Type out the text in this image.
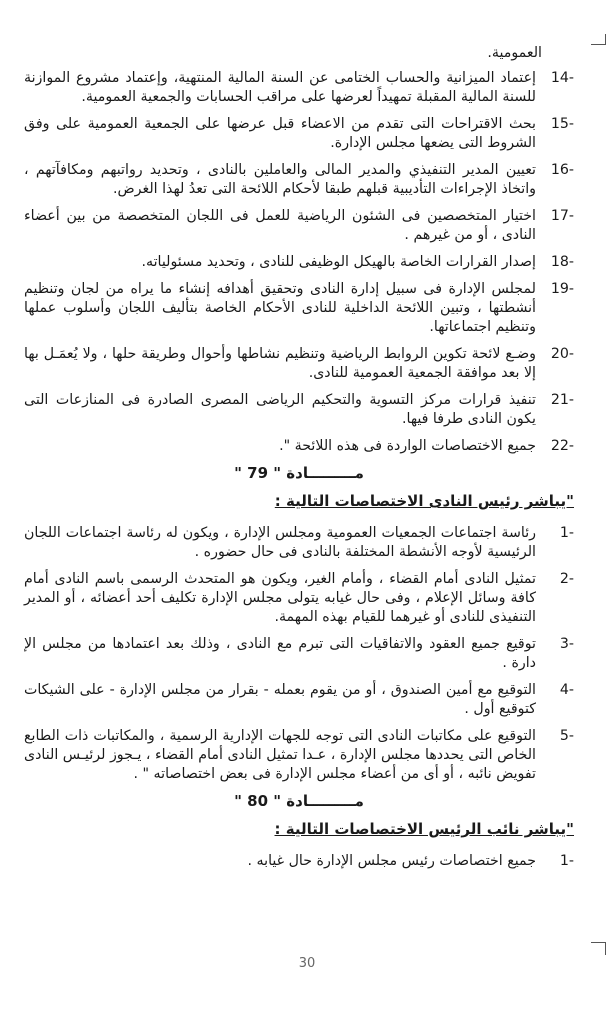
العمومية.
14-
إعتماد الميزانية والحساب الختامى عن السنة المالية المنتهية، وإعتماد مشروع الموازنة للسنة المالية المقبلة تمهيداً لعرضها على مراقب الحسابات والجمعية العمومية.
15-
بحث الاقتراحات التى تقدم من الاعضاء قبل عرضها على الجمعية العمومية على وفق الشروط التى يضعها مجلس الإدارة.
16-
تعيين المدير التنفيذي والمدير المالى والعاملين بالنادى ، وتحديد رواتبهم ومكافآتهم ، واتخاذ الإجراءات التأديبية قبلهم طبقا لأحكام اللائحة التى تعدُ لهذا الغرض.
17-
اختيار المتخصصين فى الشئون الرياضية للعمل فى اللجان المتخصصة من بين أعضاء النادى ، أو من غيرهم .
18-
إصدار القرارات الخاصة بالهيكل الوظيفى للنادى ، وتحديد مسئولياته.
19-
لمجلس الإدارة فى سبيل إدارة النادى وتحقيق أهدافه إنشاء ما يراه من لجان وتنظيم أنشطتها ، وتبين اللائحة الداخلية للنادى الأحكام الخاصة بتأليف اللجان وأسلوب عملها وتنظيم اجتماعاتها.
20-
وضـع لائحة تكوين الروابط الرياضية وتنظيم نشاطها وأحوال وطريقة حلها ، ولا يُعمَـل بها إلا بعد موافقة الجمعية العمومية للنادى.
21-
تنفيذ قرارات مركز التسوية والتحكيم الرياضى المصرى الصادرة فى المنازعات التى يكون النادى طرفا فيها.
22-
جميع الاختصاصات الواردة فى هذه اللائحة ".
مـــــــــادة " 79 "
"يباشر رئيس النادى الاختصاصات التالية :
1-
رئاسة اجتماعات الجمعيات العمومية ومجلس الإدارة ، ويكون له رئاسة اجتماعات اللجان الرئيسية لأوجه الأنشطة المختلفة بالنادى فى حال حضوره .
2-
تمثيل النادى أمام القضاء ، وأمام الغير، ويكون هو المتحدث الرسمى باسم النادى أمام كافة وسائل الإعلام ، وفى حال غيابه يتولى مجلس الإدارة تكليف أحد أعضائه ، أو المدير التنفيذى للنادى أو غيرهما للقيام بهذه المهمة.
3-
توقيع جميع العقود والاتفاقيات التى تبرم مع النادى ، وذلك بعد اعتمادها من مجلس الإ دارة .
4-
التوقيع مع أمين الصندوق ، أو من يقوم بعمله - بقرار من مجلس الإدارة - على الشيكات كتوقيع أول .
5-
التوقيع على مكاتبات النادى التى توجه للجهات الإدارية الرسمية ، والمكاتبات ذات الطابع الخاص التى يحددها مجلس الإدارة ، عـدا تمثيل النادى أمام القضاء ، يـجوز لرئيـس النادى تفويض نائبه ، أو أى من أعضاء مجلس الإدارة فى بعض اختصاصاته " .
مـــــــــادة " 80 "
"يباشر نائب الرئيس الاختصاصات التالية :
1-
جميع اختصاصات رئيس مجلس الإدارة حال غيابه .
30
